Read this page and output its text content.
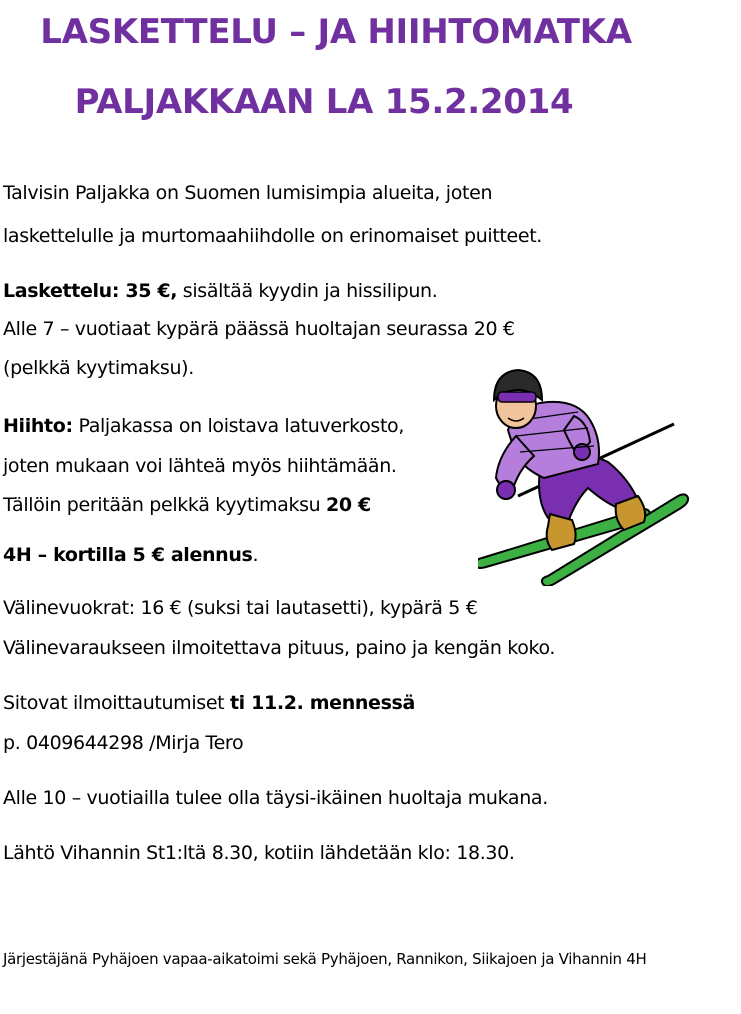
LASKETTELU – JA HIIHTOMATKA
PALJAKKAAN LA 15.2.2014

Talvisin Paljakka on Suomen lumisimpia alueita, joten

laskettelulle ja murtomaahiihdolle on erinomaiset puitteet.

Laskettelu: 35 €, sisältää kyydin ja hissilipun.

Alle 7 – vuotiaat kypärä päässä huoltajan seurassa 20 €

(pelkkä kyytimaksu).

Hiihto: Paljakassa on loistava latuverkosto,

joten mukaan voi lähteä myös hiihtämään.

Tällöin peritään pelkkä kyytimaksu 20 €

4H – kortilla 5 € alennus.

Välinevuokrat: 16 € (suksi tai lautasetti), kypärä 5 €

Välinevaraukseen ilmoitettava pituus, paino ja kengän koko.

Sitovat ilmoittautumiset ti 11.2. mennessä

p. 0409644298 /Mirja Tero

Alle 10 – vuotiailla tulee olla täysi-ikäinen huoltaja mukana.

Lähtö Vihannin St1:ltä 8.30, kotiin lähdetään klo: 18.30.

Järjestäjänä Pyhäjoen vapaa-aikatoimi sekä Pyhäjoen, Rannikon, Siikajoen ja Vihannin 4H
